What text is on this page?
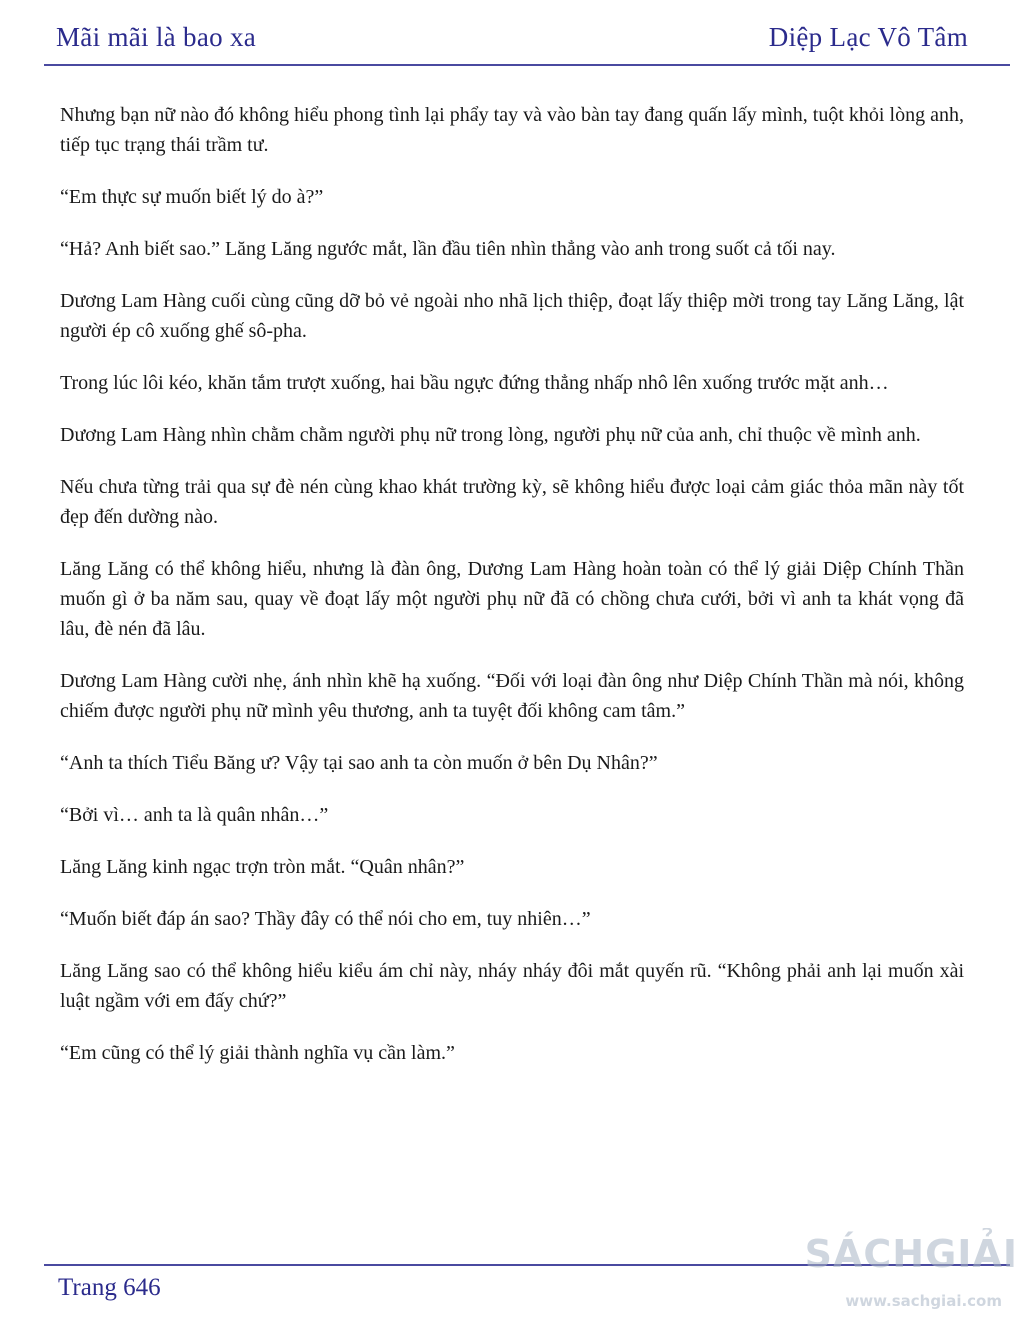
Mãi mãi là bao xa	Diệp Lạc Vô Tâm

Nhưng bạn nữ nào đó không hiểu phong tình lại phẩy tay và vào bàn tay đang quấn lấy mình, tuột khỏi lòng anh, tiếp tục trạng thái trầm tư.

“Em thực sự muốn biết lý do à?”

“Hả? Anh biết sao.” Lăng Lăng ngước mắt, lần đầu tiên nhìn thẳng vào anh trong suốt cả tối nay.

Dương Lam Hàng cuối cùng cũng dỡ bỏ vẻ ngoài nho nhã lịch thiệp, đoạt lấy thiệp mời trong tay Lăng Lăng, lật người ép cô xuống ghế sô-pha.

Trong lúc lôi kéo, khăn tắm trượt xuống, hai bầu ngực đứng thẳng nhấp nhô lên xuống trước mặt anh…

Dương Lam Hàng nhìn chằm chằm người phụ nữ trong lòng, người phụ nữ của anh, chỉ thuộc về mình anh.

Nếu chưa từng trải qua sự đè nén cùng khao khát trường kỳ, sẽ không hiểu được loại cảm giác thỏa mãn này tốt đẹp đến dường nào.

Lăng Lăng có thể không hiểu, nhưng là đàn ông, Dương Lam Hàng hoàn toàn có thể lý giải Diệp Chính Thần muốn gì ở ba năm sau, quay về đoạt lấy một người phụ nữ đã có chồng chưa cưới, bởi vì anh ta khát vọng đã lâu, đè nén đã lâu.

Dương Lam Hàng cười nhẹ, ánh nhìn khẽ hạ xuống. “Đối với loại đàn ông như Diệp Chính Thần mà nói, không chiếm được người phụ nữ mình yêu thương, anh ta tuyệt đối không cam tâm.”

“Anh ta thích Tiểu Băng ư? Vậy tại sao anh ta còn muốn ở bên Dụ Nhân?”

“Bởi vì… anh ta là quân nhân…”

Lăng Lăng kinh ngạc trợn tròn mắt. “Quân nhân?”

“Muốn biết đáp án sao? Thầy đây có thể nói cho em, tuy nhiên…”

Lăng Lăng sao có thể không hiểu kiểu ám chỉ này, nháy nháy đôi mắt quyến rũ. “Không phải anh lại muốn xài luật ngầm với em đấy chứ?”

“Em cũng có thể lý giải thành nghĩa vụ cần làm.”

Trang 646
SÁCHGIẢI
www.sachgiai.com
